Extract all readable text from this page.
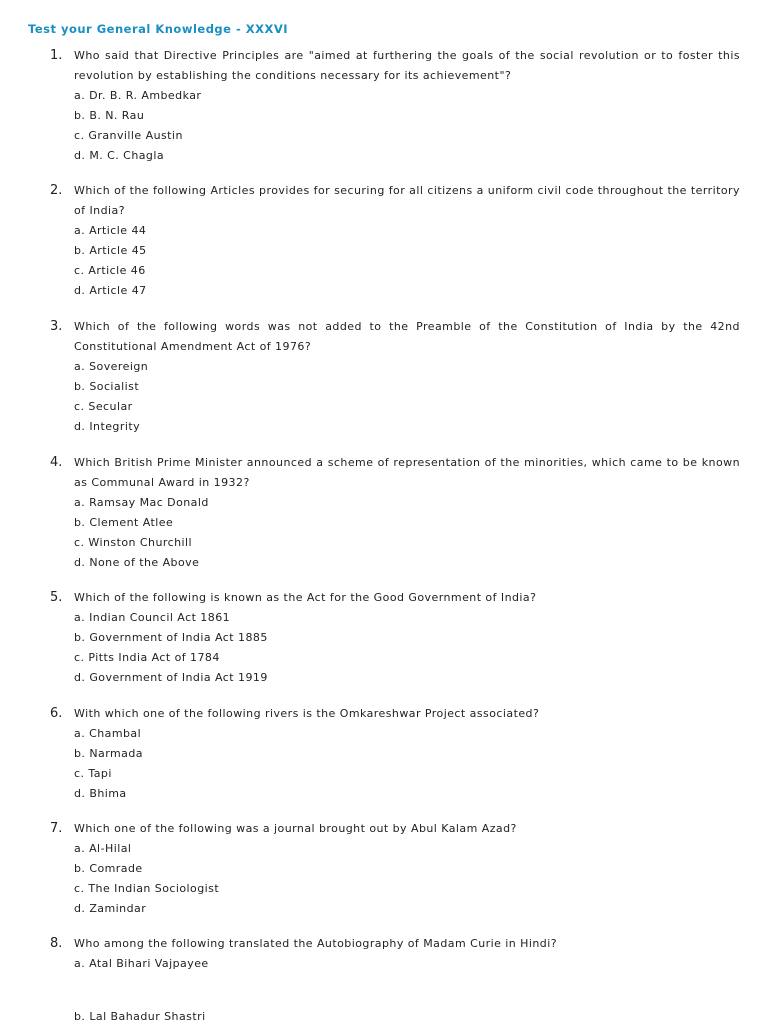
Test your General Knowledge - XXXVI
1. Who said that Directive Principles are "aimed at furthering the goals of the social revolution or to foster this revolution by establishing the conditions necessary for its achievement"?
a. Dr. B. R. Ambedkar
b. B. N. Rau
c. Granville Austin
d. M. C. Chagla
2. Which of the following Articles provides for securing for all citizens a uniform civil code throughout the territory of India?
a. Article 44
b. Article 45
c. Article 46
d. Article 47
3. Which of the following words was not added to the Preamble of the Constitution of India by the 42nd Constitutional Amendment Act of 1976?
a. Sovereign
b. Socialist
c. Secular
d. Integrity
4. Which British Prime Minister announced a scheme of representation of the minorities, which came to be known as Communal Award in 1932?
a. Ramsay Mac Donald
b. Clement Atlee
c. Winston Churchill
d. None of the Above
5. Which of the following is known as the Act for the Good Government of India?
a. Indian Council Act 1861
b. Government of India Act 1885
c. Pitts India Act of 1784
d. Government of India Act 1919
6. With which one of the following rivers is the Omkareshwar Project associated?
a. Chambal
b. Narmada
c. Tapi
d. Bhima
7. Which one of the following was a journal brought out by Abul Kalam Azad?
a. Al-Hilal
b. Comrade
c. The Indian Sociologist
d. Zamindar
8. Who among the following translated the Autobiography of Madam Curie in Hindi?
a. Atal Bihari Vajpayee
b. Lal Bahadur Shastri
